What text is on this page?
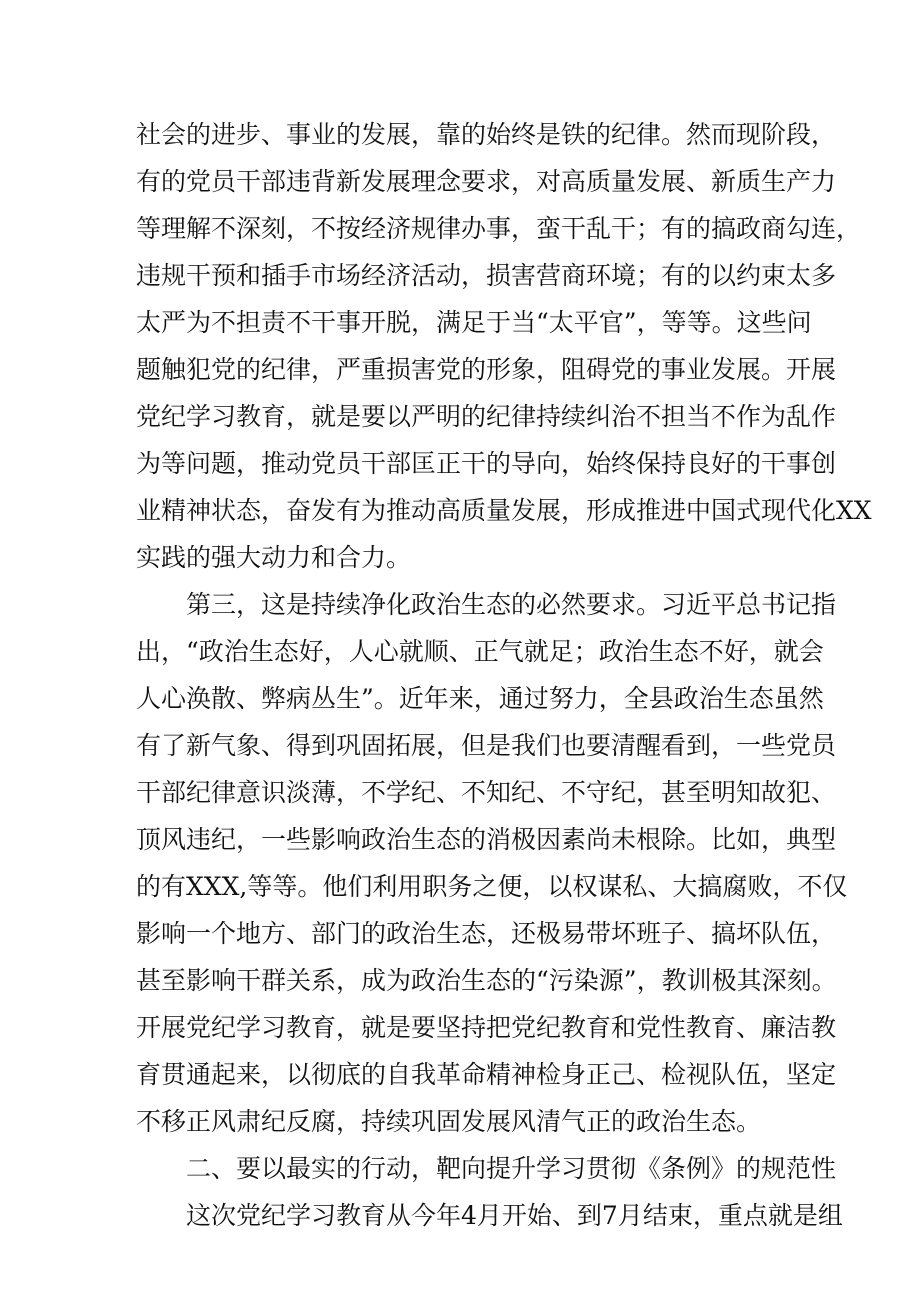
社会的进步、事业的发展，靠的始终是铁的纪律。然而现阶段，
有的党员干部违背新发展理念要求，对高质量发展、新质生产力
等理解不深刻，不按经济规律办事，蛮干乱干；有的搞政商勾连，
违规干预和插手市场经济活动，损害营商环境；有的以约束太多
太严为不担责不干事开脱，满足于当“太平官”，等等。这些问
题触犯党的纪律，严重损害党的形象，阻碍党的事业发展。开展
党纪学习教育，就是要以严明的纪律持续纠治不担当不作为乱作
为等问题，推动党员干部匡正干的导向，始终保持良好的干事创
业精神状态，奋发有为推动高质量发展，形成推进中国式现代化XX
实践的强大动力和合力。
第三，这是持续净化政治生态的必然要求。习近平总书记指
出，“政治生态好，人心就顺、正气就足；政治生态不好，就会
人心涣散、弊病丛生”。近年来，通过努力，全县政治生态虽然
有了新气象、得到巩固拓展，但是我们也要清醒看到，一些党员
干部纪律意识淡薄，不学纪、不知纪、不守纪，甚至明知故犯、
顶风违纪，一些影响政治生态的消极因素尚未根除。比如，典型
的有XXX,等等。他们利用职务之便，以权谋私、大搞腐败，不仅
影响一个地方、部门的政治生态，还极易带坏班子、搞坏队伍，
甚至影响干群关系，成为政治生态的“污染源”，教训极其深刻。
开展党纪学习教育，就是要坚持把党纪教育和党性教育、廉洁教
育贯通起来，以彻底的自我革命精神检身正己、检视队伍，坚定
不移正风肃纪反腐，持续巩固发展风清气正的政治生态。
二、要以最实的行动，靶向提升学习贯彻《条例》的规范性
这次党纪学习教育从今年4月开始、到7月结束，重点就是组
